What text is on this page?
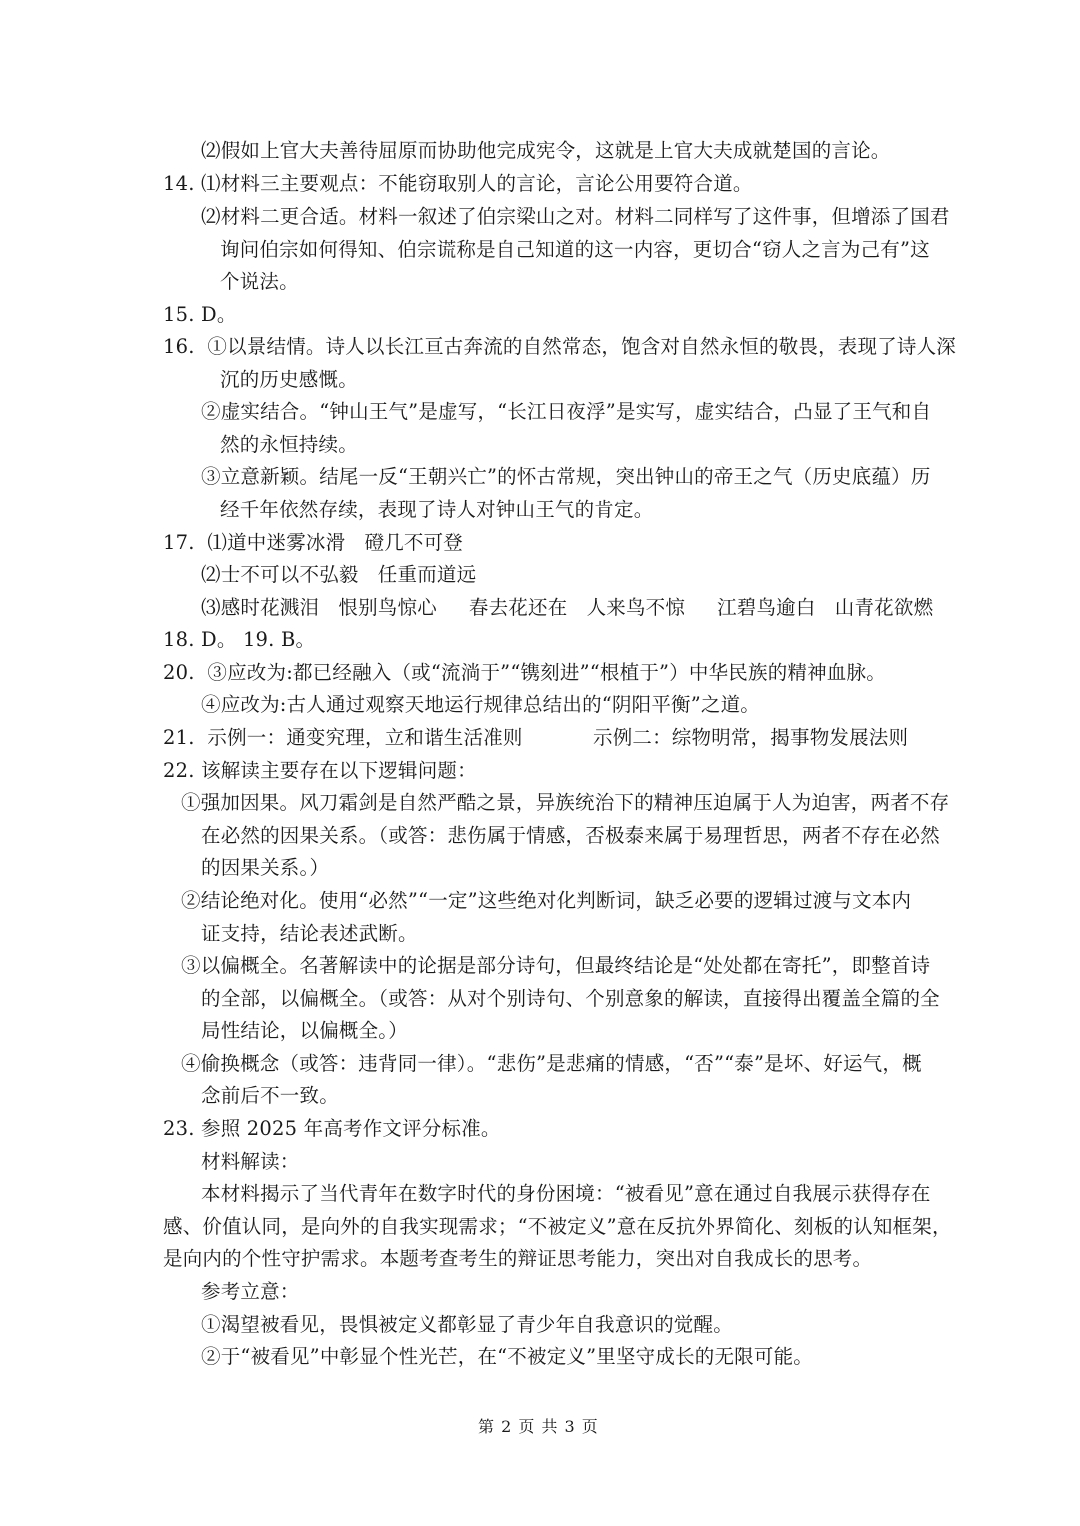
⑵假如上官大夫善待屈原而协助他完成宪令，这就是上官大夫成就楚国的言论。
14. ⑴材料三主要观点：不能窃取别人的言论，言论公用要符合道。
⑵材料二更合适。材料一叙述了伯宗梁山之对。材料二同样写了这件事，但增添了国君
询问伯宗如何得知、伯宗谎称是自己知道的这一内容，更切合“窃人之言为己有”这
个说法。
15. D。
16.  ①以景结情。诗人以长江亘古奔流的自然常态，饱含对自然永恒的敬畏，表现了诗人深
沉的历史感慨。
②虚实结合。“钟山王气”是虚写，“长江日夜浮”是实写，虚实结合，凸显了王气和自
然的永恒持续。
③立意新颖。结尾一反“王朝兴亡”的怀古常规，突出钟山的帝王之气（历史底蕴）历
经千年依然存续，表现了诗人对钟山王气的肯定。
17.  ⑴道中迷雾冰滑   磴几不可登
⑵士不可以不弘毅   任重而道远
⑶感时花溅泪   恨别鸟惊心     春去花还在   人来鸟不惊     江碧鸟逾白   山青花欲燃
18. D。 19. B。
20.  ③应改为:都已经融入（或“流淌于”“镌刻进”“根植于”）中华民族的精神血脉。
④应改为:古人通过观察天地运行规律总结出的“阴阳平衡”之道。
21.  示例一：通变究理，立和谐生活准则           示例二：综物明常，揭事物发展法则
22. 该解读主要存在以下逻辑问题：
①强加因果。风刀霜剑是自然严酷之景，异族统治下的精神压迫属于人为迫害，两者不存
在必然的因果关系。（或答：悲伤属于情感，否极泰来属于易理哲思，两者不存在必然
的因果关系。）
②结论绝对化。使用“必然”“一定”这些绝对化判断词，缺乏必要的逻辑过渡与文本内
证支持，结论表述武断。
③以偏概全。名著解读中的论据是部分诗句，但最终结论是“处处都在寄托”，即整首诗
的全部，以偏概全。（或答：从对个别诗句、个别意象的解读，直接得出覆盖全篇的全
局性结论，以偏概全。）
④偷换概念（或答：违背同一律）。“悲伤”是悲痛的情感，“否”“泰”是坏、好运气，概
念前后不一致。
23. 参照 2025 年高考作文评分标准。
材料解读：
本材料揭示了当代青年在数字时代的身份困境：“被看见”意在通过自我展示获得存在
感、价值认同，是向外的自我实现需求；“不被定义”意在反抗外界简化、刻板的认知框架，
是向内的个性守护需求。本题考查考生的辩证思考能力，突出对自我成长的思考。
参考立意：
①渴望被看见，畏惧被定义都彰显了青少年自我意识的觉醒。
②于“被看见”中彰显个性光芒，在“不被定义”里坚守成长的无限可能。
第 2 页 共 3 页
